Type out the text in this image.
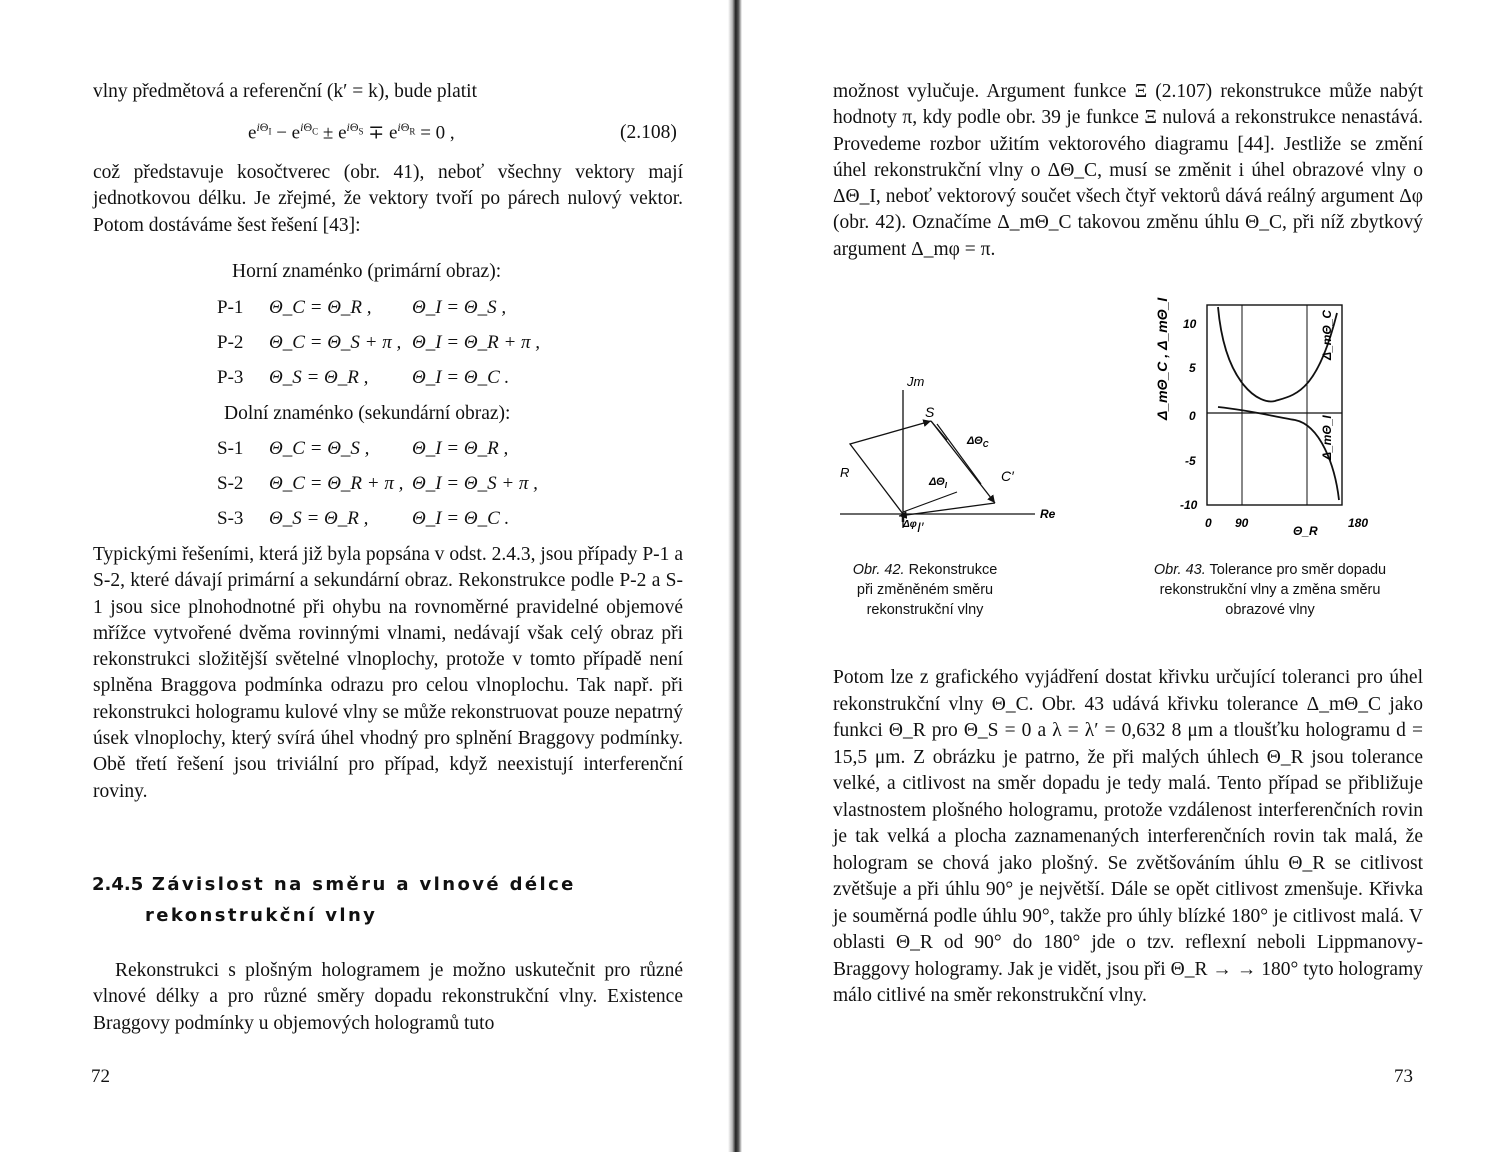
vlny předmětová a referenční (k′ = k), bude platit
$e^{i\Theta_I} - e^{i\Theta_C} \pm e^{i\Theta_S} \mp e^{i\Theta_R} = 0$ ,	(2.108)
což představuje kosočtverec (obr. 41), neboť všechny vektory mají jednotkovou délku. Je zřejmé, že vektory tvoří po párech nulový vektor. Potom dostáváme šest řešení [43]:
Horní znaménko (primární obraz):
P-1 Θ_C = Θ_R , Θ_I = Θ_S ,
P-2 Θ_C = Θ_S + π , Θ_I = Θ_R + π ,
P-3 Θ_S = Θ_R , Θ_I = Θ_C .
Dolní znaménko (sekundární obraz):
S-1 Θ_C = Θ_S , Θ_I = Θ_R ,
S-2 Θ_C = Θ_R + π , Θ_I = Θ_S + π ,
S-3 Θ_S = Θ_R , Θ_I = Θ_C .
Typickými řešeními, která již byla popsána v odst. 2.4.3, jsou případy P-1 a S-2, které dávají primární a sekundární obraz. Rekonstrukce podle P-2 a S-1 jsou sice plnohodnotné při ohybu na rovnoměrné pravidelné objemové mřížce vytvořené dvěma rovinnými vlnami, nedávají však celý obraz při rekonstrukci složitější světelné vlnoplochy, protože v tomto případě není splněna Braggova podmínka odrazu pro celou vlnoplochu. Tak např. při rekonstrukci hologramu kulové vlny se může rekonstruovat pouze nepatrný úsek vlnoplochy, který svírá úhel vhodný pro splnění Braggovy podmínky. Obě třetí řešení jsou triviální pro případ, když neexistují interferenční roviny.
2.4.5 Závislost na směru a vlnové délce
rekonstrukční vlny
Rekonstrukci s plošným hologramem je možno uskutečnit pro různé vlnové délky a pro různé směry dopadu rekonstrukční vlny. Existence Braggovy podmínky u objemových hologramů tuto
72
možnost vylučuje. Argument funkce Ξ (2.107) rekonstrukce může nabýt hodnoty π, kdy podle obr. 39 je funkce Ξ nulová a rekonstrukce nenastává. Provedeme rozbor užitím vektorového diagramu [44]. Jestliže se změní úhel rekonstrukční vlny o ΔΘ_C, musí se změnit i úhel obrazové vlny o ΔΘ_I, neboť vektorový součet všech čtyř vektorů dává reálný argument Δφ (obr. 42). Označíme Δ_mΘ_C takovou změnu úhlu Θ_C, při níž zbytkový argument Δ_mφ = π.
Jm
Re
S
R	C′
I′
$\Delta\Theta_C$
$\Delta\Theta_I$
Δφ
Obr. 42. Rekonstrukce
při změněném směru
rekonstrukční vlny
10
5
0
-5
-10
0 90
Θ_R
180
Δ_mΘ_C , Δ_mΘ_I	Δ_mΘ_C
Δ_mΘ_I
Obr. 43. Tolerance pro směr dopadu
rekonstrukční vlny a změna směru
obrazové vlny
Potom lze z grafického vyjádření dostat křivku určující toleranci pro úhel rekonstrukční vlny Θ_C. Obr. 43 udává křivku tolerance Δ_mΘ_C jako funkci Θ_R pro Θ_S = 0 a λ = λ′ = 0,632 8 μm a tloušťku hologramu d = 15,5 μm. Z obrázku je patrno, že při malých úhlech Θ_R jsou tolerance velké, a citlivost na směr dopadu je tedy malá. Tento případ se přibližuje vlastnostem plošného hologramu, protože vzdálenost interferenčních rovin je tak velká a plocha zaznamenaných interferenčních rovin tak malá, že hologram se chová jako plošný. Se zvětšováním úhlu Θ_R se citlivost zvětšuje a při úhlu 90° je největší. Dále se opět citlivost zmenšuje. Křivka je souměrná podle úhlu 90°, takže pro úhly blízké 180° je citlivost malá. V oblasti Θ_R od 90° do 180° jde o tzv. reflexní neboli Lippmanovy-Braggovy hologramy. Jak je vidět, jsou při Θ_R → → 180° tyto hologramy málo citlivé na směr rekonstrukční vlny.
73
